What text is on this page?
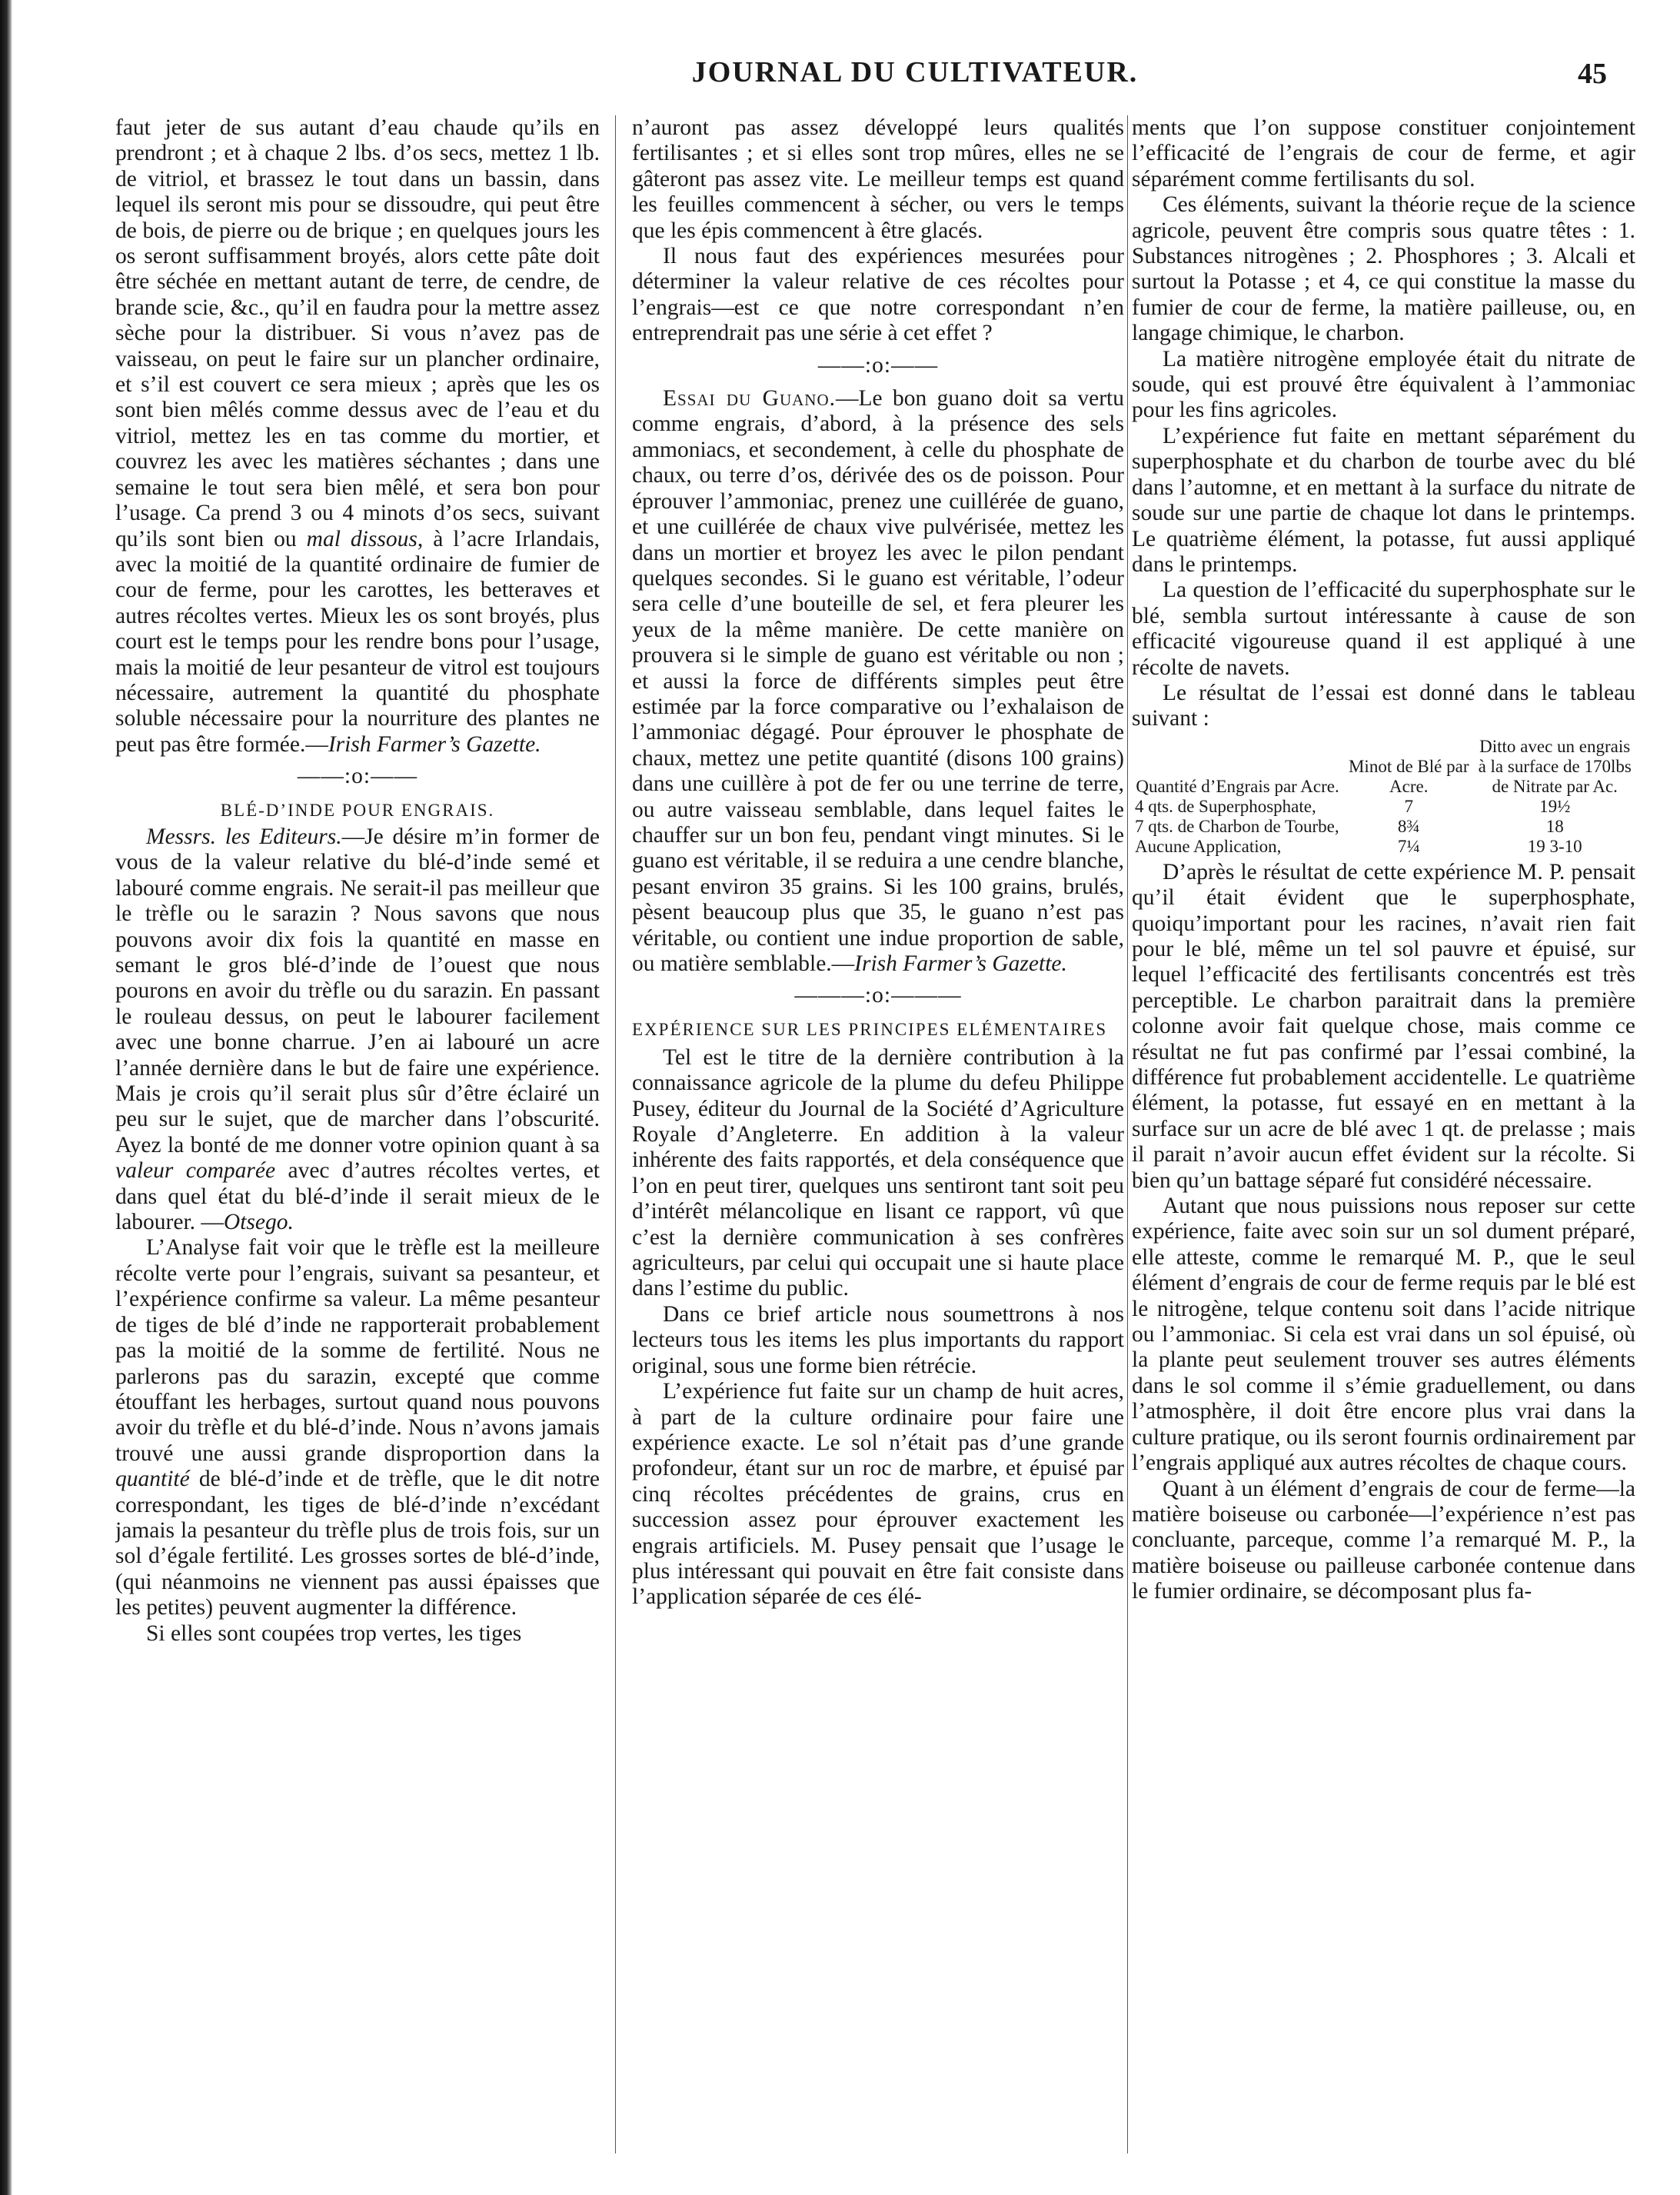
JOURNAL DU CULTIVATEUR.	45

faut jeter de sus autant d’eau chaude qu’ils en prendront ; et à chaque 2 lbs. d’os secs, mettez 1 lb. de vitriol, et brassez le tout dans un bassin, dans lequel ils seront mis pour se dissoudre, qui peut être de bois, de pierre ou de brique ; en quelques jours les os seront suffisamment broyés, alors cette pâte doit être séchée en mettant autant de terre, de cendre, de brande scie, &c., qu’il en faudra pour la mettre assez sèche pour la distribuer. Si vous n’avez pas de vaisseau, on peut le faire sur un plancher ordinaire, et s’il est couvert ce sera mieux ; après que les os sont bien mêlés comme dessus avec de l’eau et du vitriol, mettez les en tas comme du mortier, et couvrez les avec les matières séchantes ; dans une semaine le tout sera bien mêlé, et sera bon pour l’usage. Ca prend 3 ou 4 minots d’os secs, suivant qu’ils sont bien ou mal dissous, à l’acre Irlandais, avec la moitié de la quantité ordinaire de fumier de cour de ferme, pour les carottes, les betteraves et autres récoltes vertes. Mieux les os sont broyés, plus court est le temps pour les rendre bons pour l’usage, mais la moitié de leur pesanteur de vitrol est toujours nécessaire, autrement la quantité du phosphate soluble nécessaire pour la nourriture des plantes ne peut pas être formée.—Irish Farmer’s Gazette.

——:o:——
BLÉ-D’INDE POUR ENGRAIS.

Messrs. les Editeurs.—Je désire m’in former de vous de la valeur relative du blé-d’inde semé et labouré comme engrais. Ne serait-il pas meilleur que le trèfle ou le sarazin ? Nous savons que nous pouvons avoir dix fois la quantité en masse en semant le gros blé-d’inde de l’ouest que nous pourons en avoir du trèfle ou du sarazin. En passant le rouleau dessus, on peut le labourer facilement avec une bonne charrue. J’en ai labouré un acre l’année dernière dans le but de faire une expérience. Mais je crois qu’il serait plus sûr d’être éclairé un peu sur le sujet, que de marcher dans l’obscurité. Ayez la bonté de me donner votre opinion quant à sa valeur comparée avec d’autres récoltes vertes, et dans quel état du blé-d’inde il serait mieux de le labourer. —Otsego.

L’Analyse fait voir que le trèfle est la meilleure récolte verte pour l’engrais, suivant sa pesanteur, et l’expérience confirme sa valeur. La même pesanteur de tiges de blé d’inde ne rapporterait probablement pas la moitié de la somme de fertilité. Nous ne parlerons pas du sarazin, excepté que comme étouffant les herbages, surtout quand nous pouvons avoir du trèfle et du blé-d’inde. Nous n’avons jamais trouvé une aussi grande disproportion dans la quantité de blé-d’inde et de trèfle, que le dit notre correspondant, les tiges de blé-d’inde n’excédant jamais la pesanteur du trèfle plus de trois fois, sur un sol d’égale fertilité. Les grosses sortes de blé-d’inde, (qui néanmoins ne viennent pas aussi épaisses que les petites) peuvent augmenter la différence.

Si elles sont coupées trop vertes, les tiges

n’auront pas assez développé leurs qualités fertilisantes ; et si elles sont trop mûres, elles ne se gâteront pas assez vite. Le meilleur temps est quand les feuilles commencent à sécher, ou vers le temps que les épis commencent à être glacés.

Il nous faut des expériences mesurées pour déterminer la valeur relative de ces récoltes pour l’engrais—est ce que notre correspondant n’en entreprendrait pas une série à cet effet ?

——:o:——

Essai du Guano.—Le bon guano doit sa vertu comme engrais, d’abord, à la présence des sels ammoniacs, et secondement, à celle du phosphate de chaux, ou terre d’os, dérivée des os de poisson. Pour éprouver l’ammoniac, prenez une cuillérée de guano, et une cuillérée de chaux vive pulvérisée, mettez les dans un mortier et broyez les avec le pilon pendant quelques secondes. Si le guano est véritable, l’odeur sera celle d’une bouteille de sel, et fera pleurer les yeux de la même manière. De cette manière on prouvera si le simple de guano est véritable ou non ; et aussi la force de différents simples peut être estimée par la force comparative ou l’exhalaison de l’ammoniac dégagé. Pour éprouver le phosphate de chaux, mettez une petite quantité (disons 100 grains) dans une cuillère à pot de fer ou une terrine de terre, ou autre vaisseau semblable, dans lequel faites le chauffer sur un bon feu, pendant vingt minutes. Si le guano est véritable, il se reduira a une cendre blanche, pesant environ 35 grains. Si les 100 grains, brulés, pèsent beaucoup plus que 35, le guano n’est pas véritable, ou contient une indue proportion de sable, ou matière semblable.—Irish Farmer’s Gazette.

———:o:———
EXPÉRIENCE SUR LES PRINCIPES ELÉMENTAIRES

Tel est le titre de la dernière contribution à la connaissance agricole de la plume du defeu Philippe Pusey, éditeur du Journal de la Société d’Agriculture Royale d’Angleterre. En addition à la valeur inhérente des faits rapportés, et dela conséquence que l’on en peut tirer, quelques uns sentiront tant soit peu d’intérêt mélancolique en lisant ce rapport, vû que c’est la dernière communication à ses confrères agriculteurs, par celui qui occupait une si haute place dans l’estime du public.

Dans ce brief article nous soumettrons à nos lecteurs tous les items les plus importants du rapport original, sous une forme bien rétrécie.

L’expérience fut faite sur un champ de huit acres, à part de la culture ordinaire pour faire une expérience exacte. Le sol n’était pas d’une grande profondeur, étant sur un roc de marbre, et épuisé par cinq récoltes précédentes de grains, crus en succession assez pour éprouver exactement les engrais artificiels. M. Pusey pensait que l’usage le plus intéressant qui pouvait en être fait consiste dans l’application séparée de ces élé-

ments que l’on suppose constituer conjointement l’efficacité de l’engrais de cour de ferme, et agir séparément comme fertilisants du sol.

Ces éléments, suivant la théorie reçue de la science agricole, peuvent être compris sous quatre têtes : 1. Substances nitrogènes ; 2. Phosphores ; 3. Alcali et surtout la Potasse ; et 4, ce qui constitue la masse du fumier de cour de ferme, la matière pailleuse, ou, en langage chimique, le charbon.

La matière nitrogène employée était du nitrate de soude, qui est prouvé être équivalent à l’ammoniac pour les fins agricoles.

L’expérience fut faite en mettant séparément du superphosphate et du charbon de tourbe avec du blé dans l’automne, et en mettant à la surface du nitrate de soude sur une partie de chaque lot dans le printemps. Le quatrième élément, la potasse, fut aussi appliqué dans le printemps.

La question de l’efficacité du superphosphate sur le blé, sembla surtout intéressante à cause de son efficacité vigoureuse quand il est appliqué à une récolte de navets.

Le résultat de l’essai est donné dans le tableau suivant :

Quantité d’Engrais par Acre.	Minot de Blé par Acre.	Ditto avec un engrais à la surface de 170lbs de Nitrate par Ac.
4 qts. de Superphosphate,	7	19½
7 qts. de Charbon de Tourbe,	8¾	18
Aucune Application,	7¼	19 3-10

D’après le résultat de cette expérience M. P. pensait qu’il était évident que le superphosphate, quoiqu’important pour les racines, n’avait rien fait pour le blé, même un tel sol pauvre et épuisé, sur lequel l’efficacité des fertilisants concentrés est très perceptible. Le charbon paraitrait dans la première colonne avoir fait quelque chose, mais comme ce résultat ne fut pas confirmé par l’essai combiné, la différence fut probablement accidentelle. Le quatrième élément, la potasse, fut essayé en en mettant à la surface sur un acre de blé avec 1 qt. de prelasse ; mais il parait n’avoir aucun effet évident sur la récolte. Si bien qu’un battage séparé fut considéré nécessaire.

Autant que nous puissions nous reposer sur cette expérience, faite avec soin sur un sol dument préparé, elle atteste, comme le remarqué M. P., que le seul élément d’engrais de cour de ferme requis par le blé est le nitrogène, telque contenu soit dans l’acide nitrique ou l’ammoniac. Si cela est vrai dans un sol épuisé, où la plante peut seulement trouver ses autres éléments dans le sol comme il s’émie graduellement, ou dans l’atmosphère, il doit être encore plus vrai dans la culture pratique, ou ils seront fournis ordinairement par l’engrais appliqué aux autres récoltes de chaque cours.

Quant à un élément d’engrais de cour de ferme—la matière boiseuse ou carbonée—l’expérience n’est pas concluante, parceque, comme l’a remarqué M. P., la matière boiseuse ou pailleuse carbonée contenue dans le fumier ordinaire, se décomposant plus fa-
